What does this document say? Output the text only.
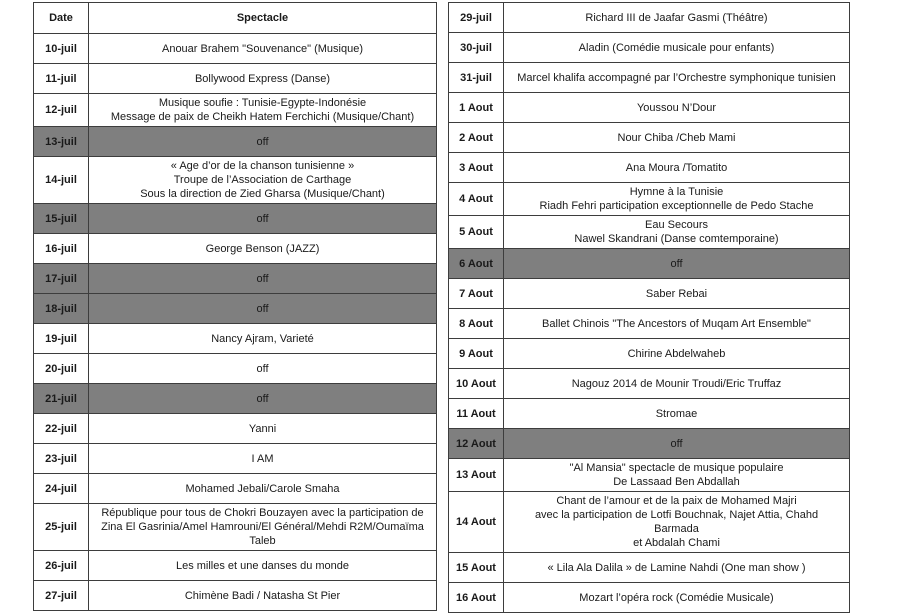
Date	Spectacle
10-juil	Anouar Brahem "Souvenance" (Musique)
11-juil	Bollywood Express (Danse)
12-juil	Musique soufie : Tunisie-Egypte-Indonésie
Message de paix de Cheikh Hatem Ferchichi (Musique/Chant)
13-juil	off
14-juil	« Age d’or de la chanson tunisienne »
Troupe de l’Association de Carthage
Sous la direction de Zied Gharsa (Musique/Chant)
15-juil	off
16-juil	George Benson (JAZZ)
17-juil	off
18-juil	off
19-juil	Nancy Ajram, Varieté
20-juil	off
21-juil	off
22-juil	Yanni
23-juil	I AM
24-juil	Mohamed Jebali/Carole Smaha
25-juil	République pour tous de Chokri Bouzayen avec la participation de
Zina El Gasrinia/Amel Hamrouni/El Général/Mehdi R2M/Oumaïma
Taleb
26-juil	Les milles et une danses du monde
27-juil	Chimène Badi / Natasha St Pier
29-juil	Richard III de Jaafar Gasmi (Théâtre)
30-juil	Aladin (Comédie musicale pour enfants)
31-juil	Marcel khalifa accompagné par l’Orchestre symphonique tunisien
1 Aout	Youssou N’Dour
2 Aout	Nour Chiba /Cheb Mami
3 Aout	Ana Moura /Tomatito
4 Aout	Hymne à la Tunisie
Riadh Fehri participation exceptionnelle de Pedo Stache
5 Aout	Eau Secours
Nawel Skandrani (Danse comtemporaine)
6 Aout	off
7 Aout	Saber Rebai
8 Aout	Ballet Chinois "The Ancestors of Muqam Art Ensemble"
9 Aout	Chirine Abdelwaheb
10 Aout	Nagouz 2014 de Mounir Troudi/Eric Truffaz
11 Aout	Stromae
12 Aout	off
13 Aout	"Al Mansia" spectacle de musique populaire
De Lassaad Ben Abdallah
14 Aout	Chant de l’amour et de la paix de Mohamed Majri
avec la participation de Lotfi Bouchnak, Najet Attia, Chahd Barmada
et Abdalah Chami
15 Aout	« Lila Ala Dalila » de Lamine Nahdi (One man show )
16 Aout	Mozart l’opéra rock (Comédie Musicale)
